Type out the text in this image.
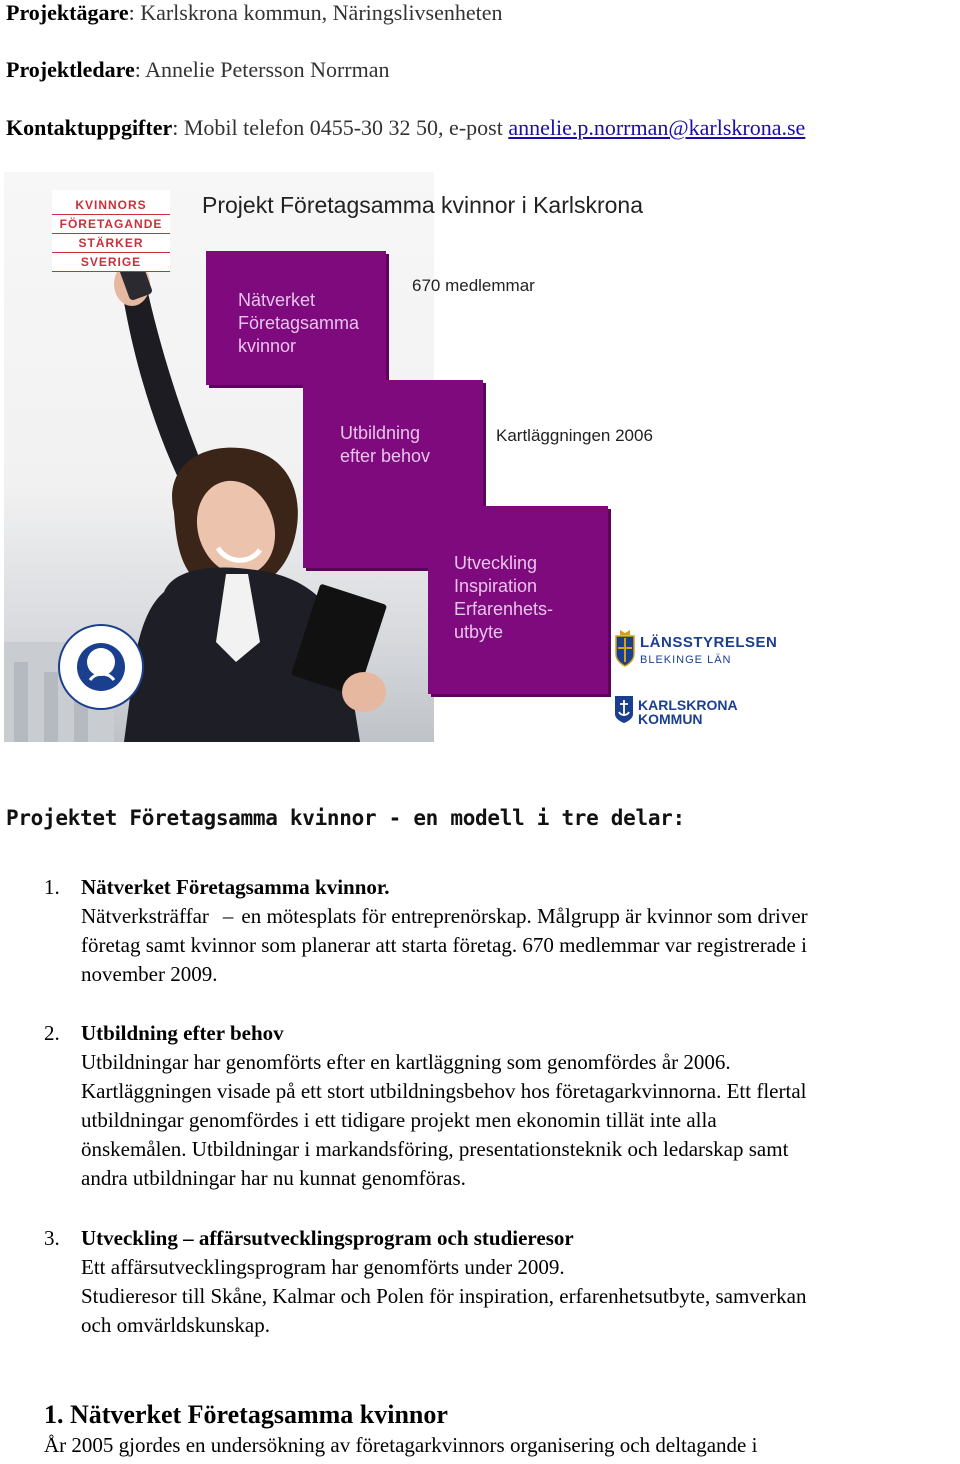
Projektägare: Karlskrona kommun, Näringslivsenheten
Projektledare: Annelie Petersson Norrman
Kontaktuppgifter: Mobil telefon 0455-30 32 50, e-post annelie.p.norrman@karlskrona.se
KVINNORS
FÖRETAGANDE
STÄRKER
SVERIGE
Projekt Företagsamma kvinnor i Karlskrona
Nätverket
Företagsamma
kvinnor
670 medlemmar
Utbildning
efter behov
Kartläggningen 2006
Utveckling
Inspiration
Erfarenhets-
utbyte
LÄNSSTYRELSEN
BLEKINGE LÄN
KARLSKRONA
KOMMUN
Projektet Företagsamma kvinnor - en modell i tre delar:
1. Nätverket Företagsamma kvinnor.
Nätverksträffar – en mötesplats för entreprenörskap. Målgrupp är kvinnor som driver
företag samt kvinnor som planerar att starta företag. 670 medlemmar var registrerade i
november 2009.
2. Utbildning efter behov
Utbildningar har genomförts efter en kartläggning som genomfördes år 2006.
Kartläggningen visade på ett stort utbildningsbehov hos företagarkvinnorna. Ett flertal
utbildningar genomfördes i ett tidigare projekt men ekonomin tillät inte alla
önskemålen. Utbildningar i markandsföring, presentationsteknik och ledarskap samt
andra utbildningar har nu kunnat genomföras.
3. Utveckling – affärsutvecklingsprogram och studieresor
Ett affärsutvecklingsprogram har genomförts under 2009.
Studieresor till Skåne, Kalmar och Polen för inspiration, erfarenhetsutbyte, samverkan
och omvärldskunskap.
1. Nätverket Företagsamma kvinnor
År 2005 gjordes en undersökning av företagarkvinnors organisering och deltagande i
